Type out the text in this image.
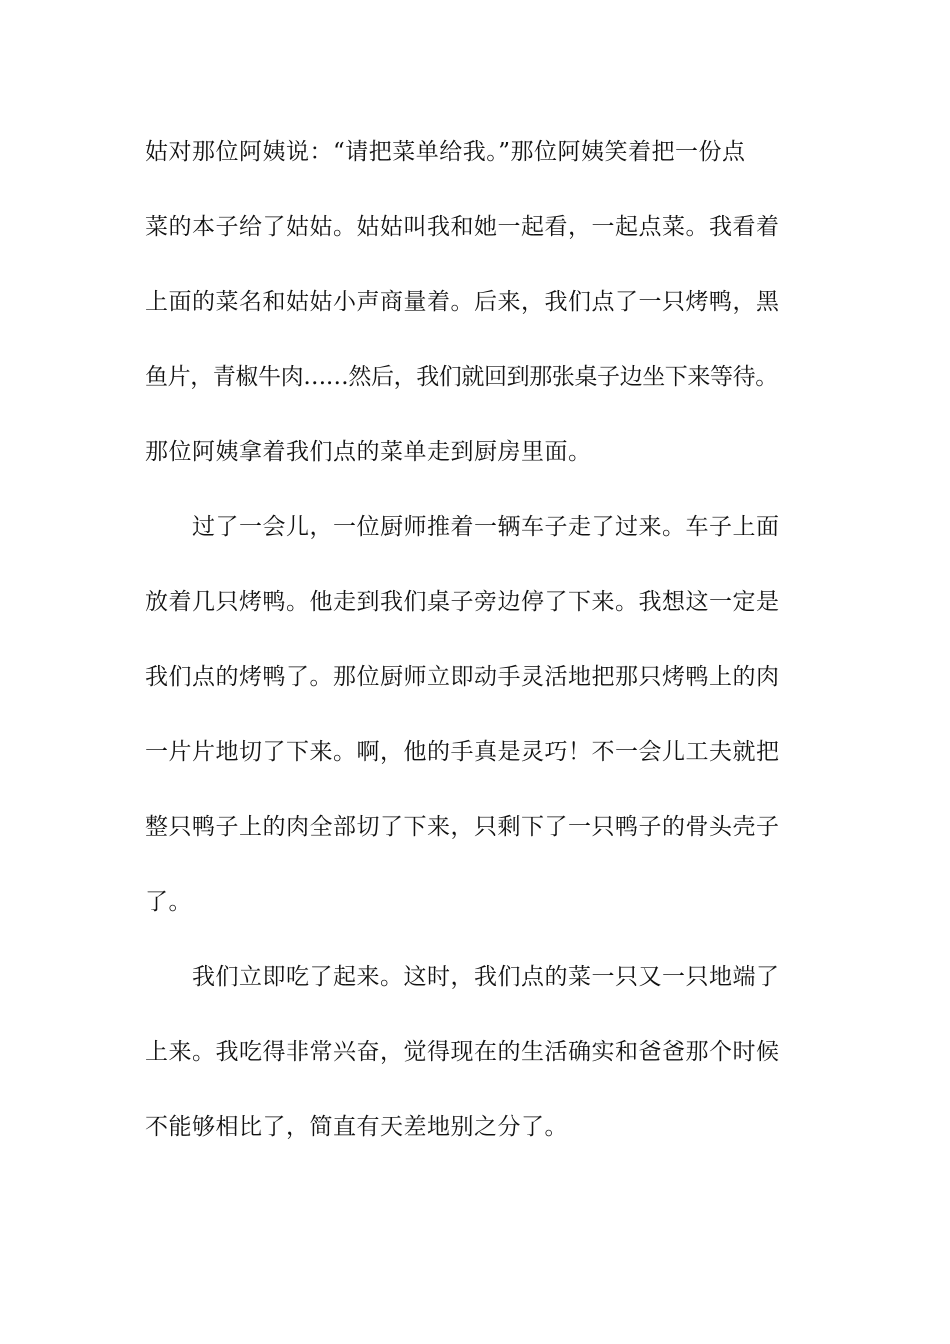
姑对那位阿姨说：“请把菜单给我。”那位阿姨笑着把一份点
菜的本子给了姑姑。姑姑叫我和她一起看，一起点菜。我看着
上面的菜名和姑姑小声商量着。后来，我们点了一只烤鸭，黑
鱼片，青椒牛肉……然后，我们就回到那张桌子边坐下来等待。
那位阿姨拿着我们点的菜单走到厨房里面。
过了一会儿，一位厨师推着一辆车子走了过来。车子上面
放着几只烤鸭。他走到我们桌子旁边停了下来。我想这一定是
我们点的烤鸭了。那位厨师立即动手灵活地把那只烤鸭上的肉
一片片地切了下来。啊，他的手真是灵巧！不一会儿工夫就把
整只鸭子上的肉全部切了下来，只剩下了一只鸭子的骨头壳子
了。
我们立即吃了起来。这时，我们点的菜一只又一只地端了
上来。我吃得非常兴奋，觉得现在的生活确实和爸爸那个时候
不能够相比了，简直有天差地别之分了。
